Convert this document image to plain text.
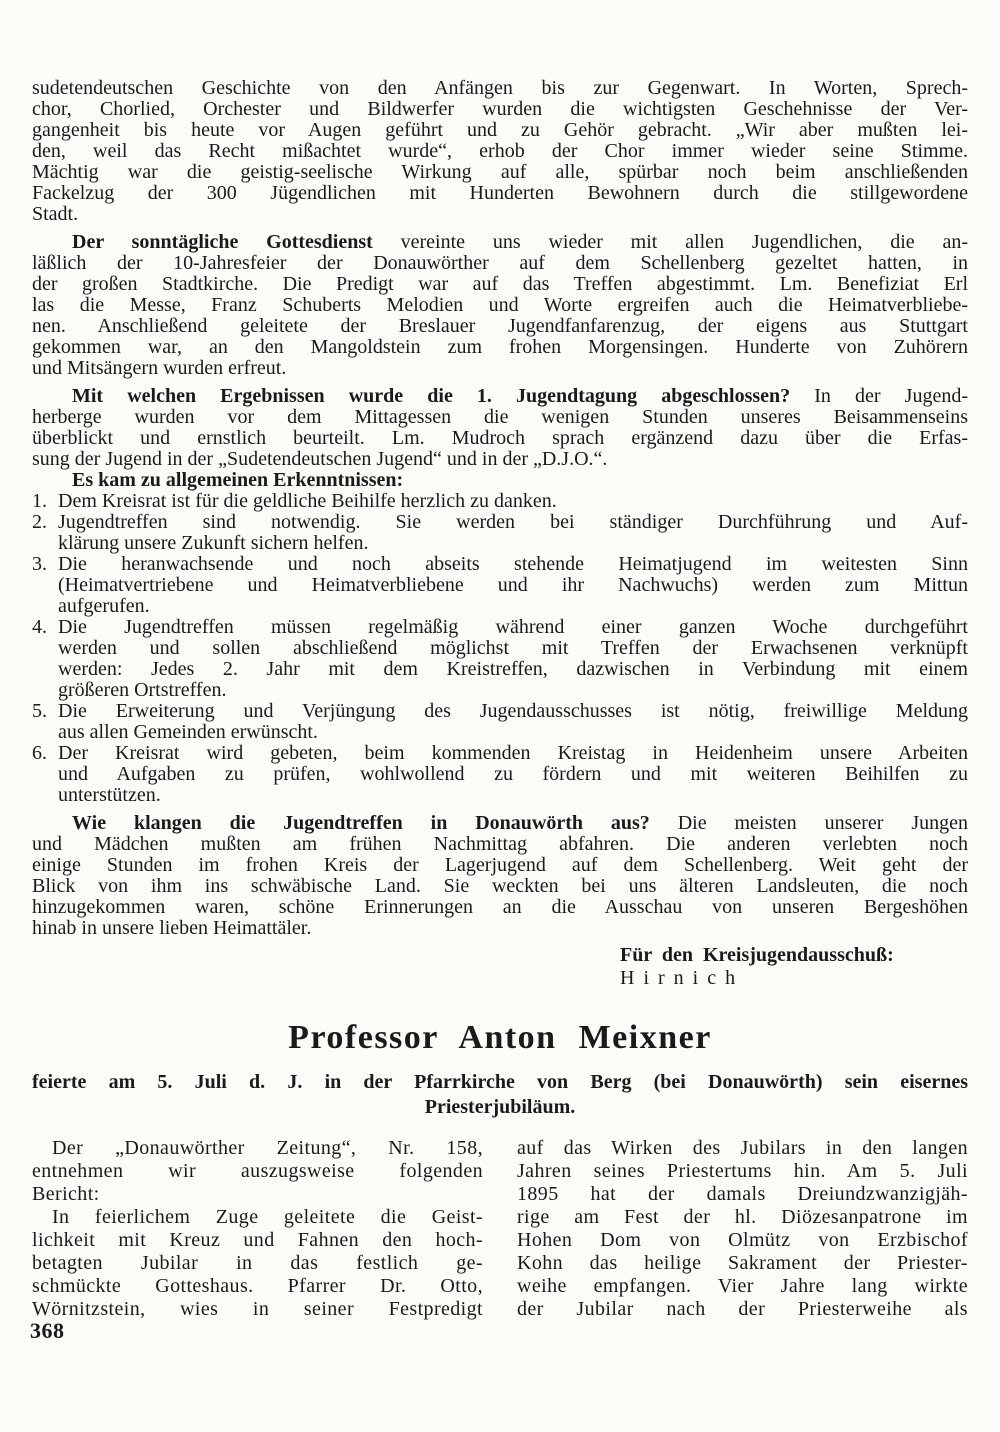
sudetendeutschen Geschichte von den Anfängen bis zur Gegenwart. In Worten, Sprech-
chor, Chorlied, Orchester und Bildwerfer wurden die wichtigsten Geschehnisse der Ver-
gangenheit bis heute vor Augen geführt und zu Gehör gebracht. „Wir aber mußten lei-
den, weil das Recht mißachtet wurde“, erhob der Chor immer wieder seine Stimme.
Mächtig war die geistig-seelische Wirkung auf alle, spürbar noch beim anschließenden
Fackelzug der 300 Jügendlichen mit Hunderten Bewohnern durch die stillgewordene
Stadt.
Der sonntägliche Gottesdienst vereinte uns wieder mit allen Jugendlichen, die an-
läßlich der 10-Jahresfeier der Donauwörther auf dem Schellenberg gezeltet hatten, in
der großen Stadtkirche. Die Predigt war auf das Treffen abgestimmt. Lm. Benefiziat Erl
las die Messe, Franz Schuberts Melodien und Worte ergreifen auch die Heimatverbliebe-
nen. Anschließend geleitete der Breslauer Jugendfanfarenzug, der eigens aus Stuttgart
gekommen war, an den Mangoldstein zum frohen Morgensingen. Hunderte von Zuhörern
und Mitsängern wurden erfreut.
Mit welchen Ergebnissen wurde die 1. Jugendtagung abgeschlossen? In der Jugend-
herberge wurden vor dem Mittagessen die wenigen Stunden unseres Beisammenseins
überblickt und ernstlich beurteilt. Lm. Mudroch sprach ergänzend dazu über die Erfas-
sung der Jugend in der „Sudetendeutschen Jugend“ und in der „D.J.O.“.
Es kam zu allgemeinen Erkenntnissen:
1. Dem Kreisrat ist für die geldliche Beihilfe herzlich zu danken.
2. Jugendtreffen sind notwendig. Sie werden bei ständiger Durchführung und Auf-
klärung unsere Zukunft sichern helfen.
3. Die heranwachsende und noch abseits stehende Heimatjugend im weitesten Sinn
(Heimatvertriebene und Heimatverbliebene und ihr Nachwuchs) werden zum Mittun
aufgerufen.
4. Die Jugendtreffen müssen regelmäßig während einer ganzen Woche durchgeführt
werden und sollen abschließend möglichst mit Treffen der Erwachsenen verknüpft
werden: Jedes 2. Jahr mit dem Kreistreffen, dazwischen in Verbindung mit einem
größeren Ortstreffen.
5. Die Erweiterung und Verjüngung des Jugendausschusses ist nötig, freiwillige Meldung
aus allen Gemeinden erwünscht.
6. Der Kreisrat wird gebeten, beim kommenden Kreistag in Heidenheim unsere Arbeiten
und Aufgaben zu prüfen, wohlwollend zu fördern und mit weiteren Beihilfen zu
unterstützen.
Wie klangen die Jugendtreffen in Donauwörth aus? Die meisten unserer Jungen
und Mädchen mußten am frühen Nachmittag abfahren. Die anderen verlebten noch
einige Stunden im frohen Kreis der Lagerjugend auf dem Schellenberg. Weit geht der
Blick von ihm ins schwäbische Land. Sie weckten bei uns älteren Landsleuten, die noch
hinzugekommen waren, schöne Erinnerungen an die Ausschau von unseren Bergeshöhen
hinab in unsere lieben Heimattäler.
Für den Kreisjugendausschuß:
Hirnich
Professor Anton Meixner
feierte am 5. Juli d. J. in der Pfarrkirche von Berg (bei Donauwörth) sein eisernes
Priesterjubiläum.
Der „Donauwörther Zeitung“, Nr. 158,
entnehmen wir auszugsweise folgenden
Bericht:
In feierlichem Zuge geleitete die Geist-
lichkeit mit Kreuz und Fahnen den hoch-
betagten Jubilar in das festlich ge-
schmückte Gotteshaus. Pfarrer Dr. Otto,
Wörnitzstein, wies in seiner Festpredigt
auf das Wirken des Jubilars in den langen
Jahren seines Priestertums hin. Am 5. Juli
1895 hat der damals Dreiundzwanzigjäh-
rige am Fest der hl. Diözesanpatrone im
Hohen Dom von Olmütz von Erzbischof
Kohn das heilige Sakrament der Priester-
weihe empfangen. Vier Jahre lang wirkte
der Jubilar nach der Priesterweihe als
368
